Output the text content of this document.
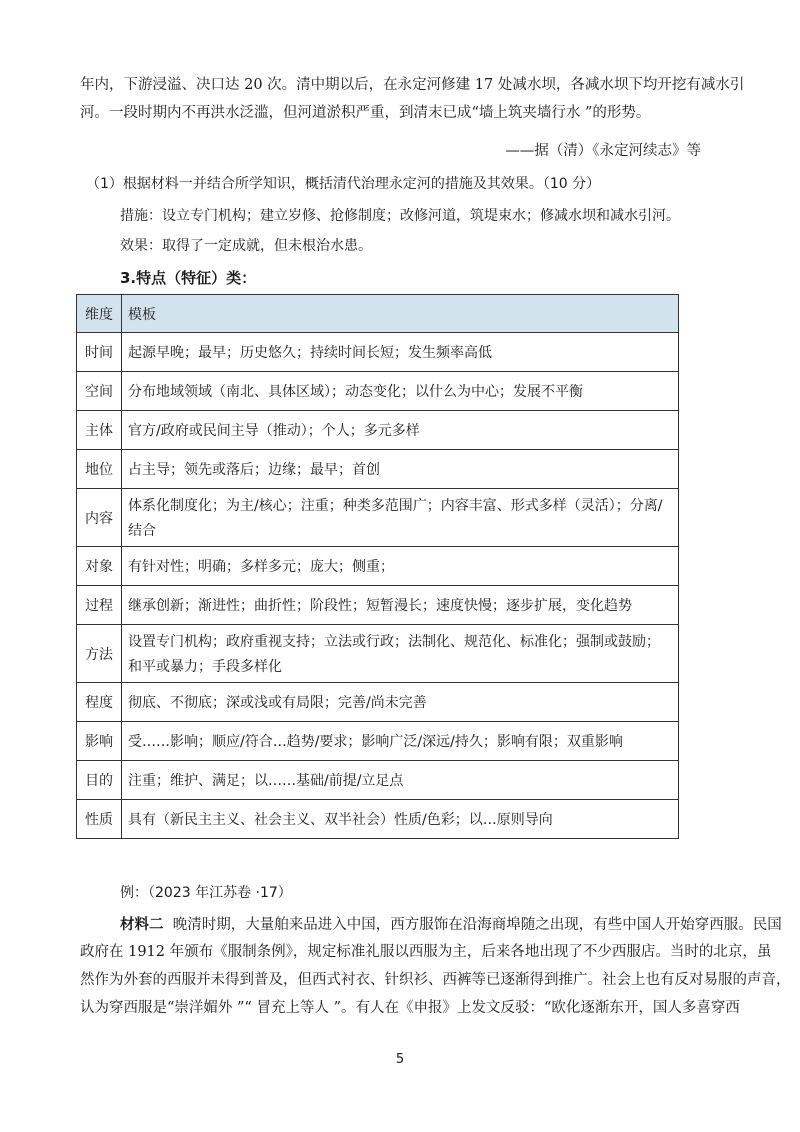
年内，下游浸溢、决口达 20 次。清中期以后，在永定河修建 17 处减水坝，各减水坝下均开挖有减水引
河。一段时期内不再洪水泛滥，但河道淤积严重，到清末已成“墙上筑夹墙行水 ”的形势。
——据（清）《永定河续志》等
（1）根据材料一并结合所学知识，概括清代治理永定河的措施及其效果。（10 分）
措施：设立专门机构；建立岁修、抢修制度；改修河道，筑堤束水；修减水坝和减水引河。
效果：取得了一定成就，但未根治水患。
3.特点（特征）类：
维度	模板
时间	起源早晚；最早；历史悠久；持续时间长短；发生频率高低

空间	分布地域领域（南北、具体区域）；动态变化；以什么为中心；发展不平衡

主体	官方/政府或民间主导（推动）；个人；多元多样

地位	占主导；领先或落后；边缘；最早；首创

内容	体系化制度化；为主/核心；注重；种类多范围广；内容丰富、形式多样（灵活）；分离/
结合

对象	有针对性；明确；多样多元；庞大；侧重；

过程	继承创新；渐进性；曲折性；阶段性；短暂漫长；速度快慢；逐步扩展，变化趋势

方法	设置专门机构；政府重视支持；立法或行政；法制化、规范化、标准化；强制或鼓励；
和平或暴力；手段多样化

程度	彻底、不彻底；深或浅或有局限；完善/尚未完善

影响	受……影响；顺应/符合…趋势/要求；影响广泛/深远/持久；影响有限；双重影响

目的	注重；维护、满足；以……基础/前提/立足点

性质	具有（新民主主义、社会主义、双半社会）性质/色彩；以…原则导向
例：（2023 年江苏卷 ·17）
材料二 晚清时期，大量舶来品进入中国，西方服饰在沿海商埠随之出现，有些中国人开始穿西服。民国
政府在 1912 年颁布《服制条例》，规定标准礼服以西服为主，后来各地出现了不少西服店。当时的北京，虽
然作为外套的西服并未得到普及，但西式衬衣、针织衫、西裤等已逐渐得到推广。社会上也有反对易服的声音，
认为穿西服是“崇洋媚外 ”“ 冒充上等人 ”。有人在《申报》上发文反驳：“欧化逐渐东开，国人多喜穿西
5
